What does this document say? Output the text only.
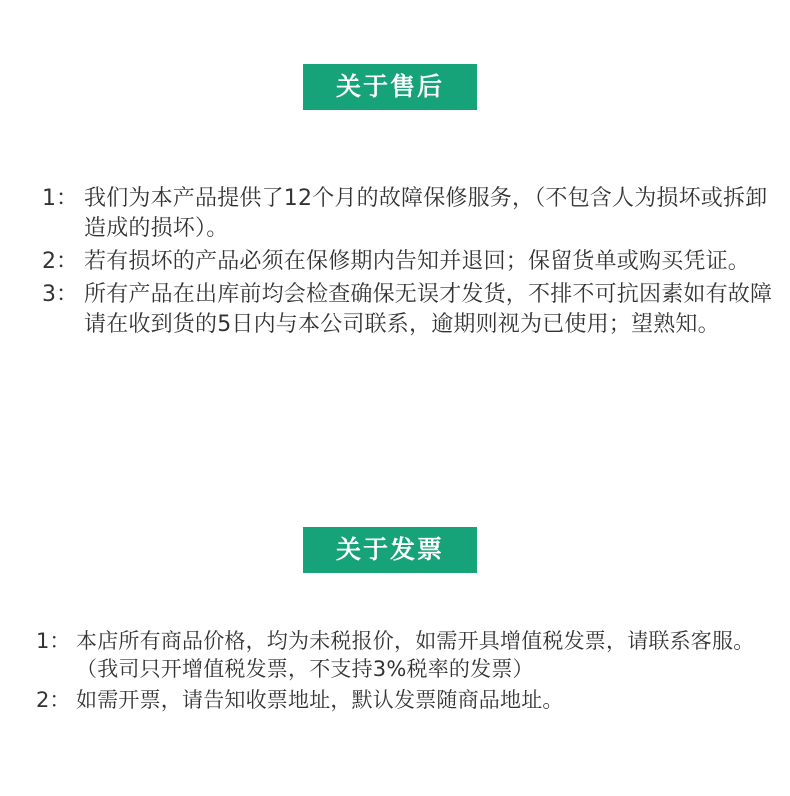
关于售后
1： 我们为本产品提供了12个月的故障保修服务，（不包含人为损坏或拆卸造成的损坏）。
2： 若有损坏的产品必须在保修期内告知并退回；保留货单或购买凭证。
3： 所有产品在出库前均会检查确保无误才发货，不排不可抗因素如有故障请在收到货的5日内与本公司联系，逾期则视为已使用；望熟知。
关于发票
1： 本店所有商品价格，均为未税报价，如需开具增值税发票，请联系客服。（我司只开增值税发票，不支持3%税率的发票）
2： 如需开票，请告知收票地址，默认发票随商品地址。
